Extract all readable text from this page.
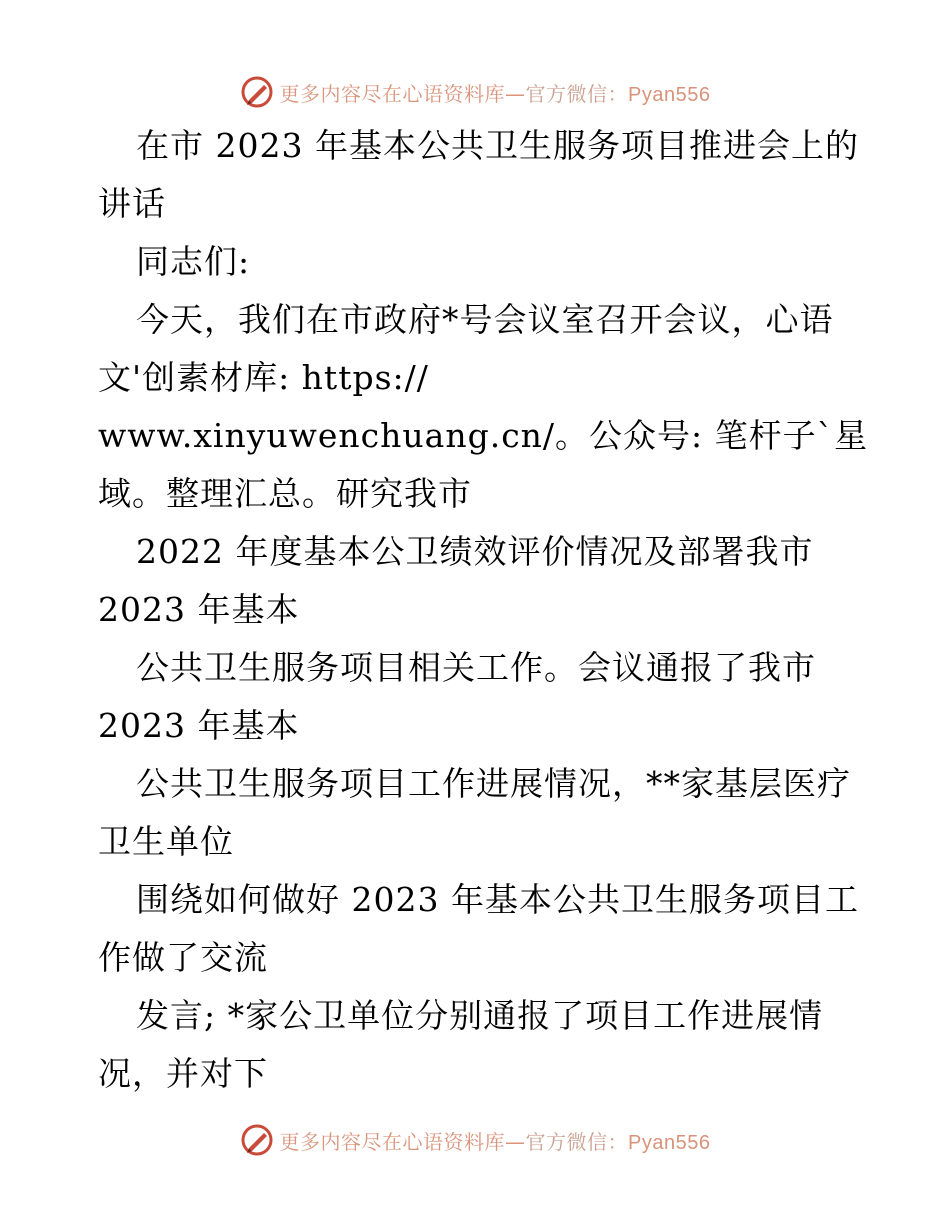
更多内容尽在心语资料库—官方微信：Pyan556
在市 2023 年基本公共卫生服务项目推进会上的
讲话
同志们:
今天，我们在市政府*号会议室召开会议，心语
文'创素材库: https://
www.xinyuwenchuang.cn/。公众号: 笔杆子`星
域。整理汇总。研究我市
2022 年度基本公卫绩效评价情况及部署我市
2023 年基本
公共卫生服务项目相关工作。会议通报了我市
2023 年基本
公共卫生服务项目工作进展情况，**家基层医疗
卫生单位
围绕如何做好 2023 年基本公共卫生服务项目工
作做了交流
发言; *家公卫单位分别通报了项目工作进展情
况，并对下
更多内容尽在心语资料库—官方微信：Pyan556
